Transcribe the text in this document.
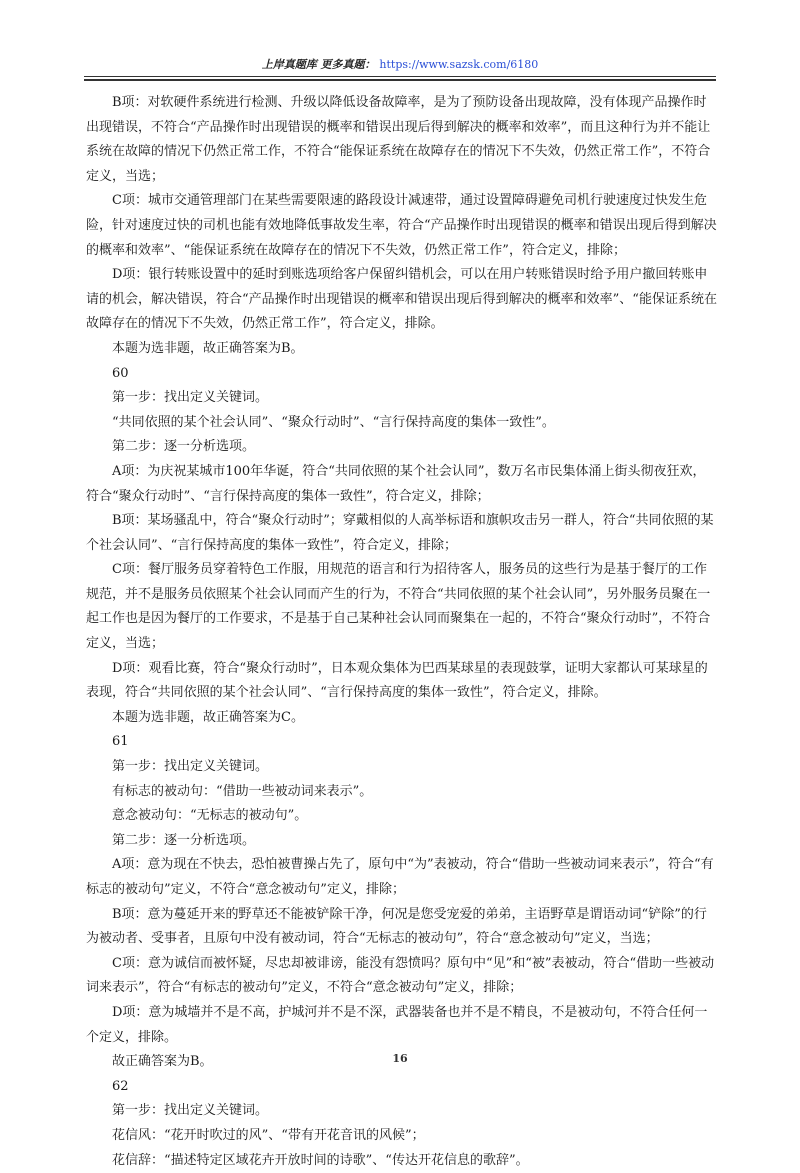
上岸真题库 更多真题： https://www.sazsk.com/6180

　　B项：对软硬件系统进行检测、升级以降低设备故障率，是为了预防设备出现故障，没有体现产品操作时出现错误，不符合“产品操作时出现错误的概率和错误出现后得到解决的概率和效率”，而且这种行为并不能让系统在故障的情况下仍然正常工作，不符合“能保证系统在故障存在的情况下不失效，仍然正常工作”，不符合定义，当选；

　　C项：城市交通管理部门在某些需要限速的路段设计减速带，通过设置障碍避免司机行驶速度过快发生危险，针对速度过快的司机也能有效地降低事故发生率，符合“产品操作时出现错误的概率和错误出现后得到解决的概率和效率”、“能保证系统在故障存在的情况下不失效，仍然正常工作”，符合定义，排除；

　　D项：银行转账设置中的延时到账选项给客户保留纠错机会，可以在用户转账错误时给予用户撤回转账申请的机会，解决错误，符合“产品操作时出现错误的概率和错误出现后得到解决的概率和效率”、“能保证系统在故障存在的情况下不失效，仍然正常工作”，符合定义，排除。

　　本题为选非题，故正确答案为B。

　　60

　　第一步：找出定义关键词。

　　“共同依照的某个社会认同”、“聚众行动时”、“言行保持高度的集体一致性”。

　　第二步：逐一分析选项。

　　A项：为庆祝某城市100年华诞，符合“共同依照的某个社会认同”，数万名市民集体涌上街头彻夜狂欢，符合“聚众行动时”、“言行保持高度的集体一致性”，符合定义，排除；

　　B项：某场骚乱中，符合“聚众行动时”；穿戴相似的人高举标语和旗帜攻击另一群人，符合“共同依照的某个社会认同”、“言行保持高度的集体一致性”，符合定义，排除；

　　C项：餐厅服务员穿着特色工作服，用规范的语言和行为招待客人，服务员的这些行为是基于餐厅的工作规范，并不是服务员依照某个社会认同而产生的行为，不符合“共同依照的某个社会认同”，另外服务员聚在一起工作也是因为餐厅的工作要求，不是基于自己某种社会认同而聚集在一起的，不符合“聚众行动时”，不符合定义，当选；

　　D项：观看比赛，符合“聚众行动时”，日本观众集体为巴西某球星的表现鼓掌，证明大家都认可某球星的表现，符合“共同依照的某个社会认同”、“言行保持高度的集体一致性”，符合定义，排除。

　　本题为选非题，故正确答案为C。

　　61

　　第一步：找出定义关键词。

　　有标志的被动句：“借助一些被动词来表示”。

　　意念被动句：“无标志的被动句”。

　　第二步：逐一分析选项。

　　A项：意为现在不快去，恐怕被曹操占先了，原句中“为”表被动，符合“借助一些被动词来表示”，符合“有标志的被动句”定义，不符合“意念被动句”定义，排除；

　　B项：意为蔓延开来的野草还不能被铲除干净，何况是您受宠爱的弟弟，主语野草是谓语动词“铲除”的行为被动者、受事者，且原句中没有被动词，符合“无标志的被动句”，符合“意念被动句”定义，当选；

　　C项：意为诚信而被怀疑，尽忠却被诽谤，能没有怨愤吗？原句中“见”和“被”表被动，符合“借助一些被动词来表示”，符合“有标志的被动句”定义，不符合“意念被动句”定义，排除；

　　D项：意为城墙并不是不高，护城河并不是不深，武器装备也并不是不精良，不是被动句，不符合任何一个定义，排除。

　　故正确答案为B。

　　62

　　第一步：找出定义关键词。

　　花信风：“花开时吹过的风”、“带有开花音讯的风候”；

　　花信辞：“描述特定区域花卉开放时间的诗歌”、“传达开花信息的歌辞”。

16
